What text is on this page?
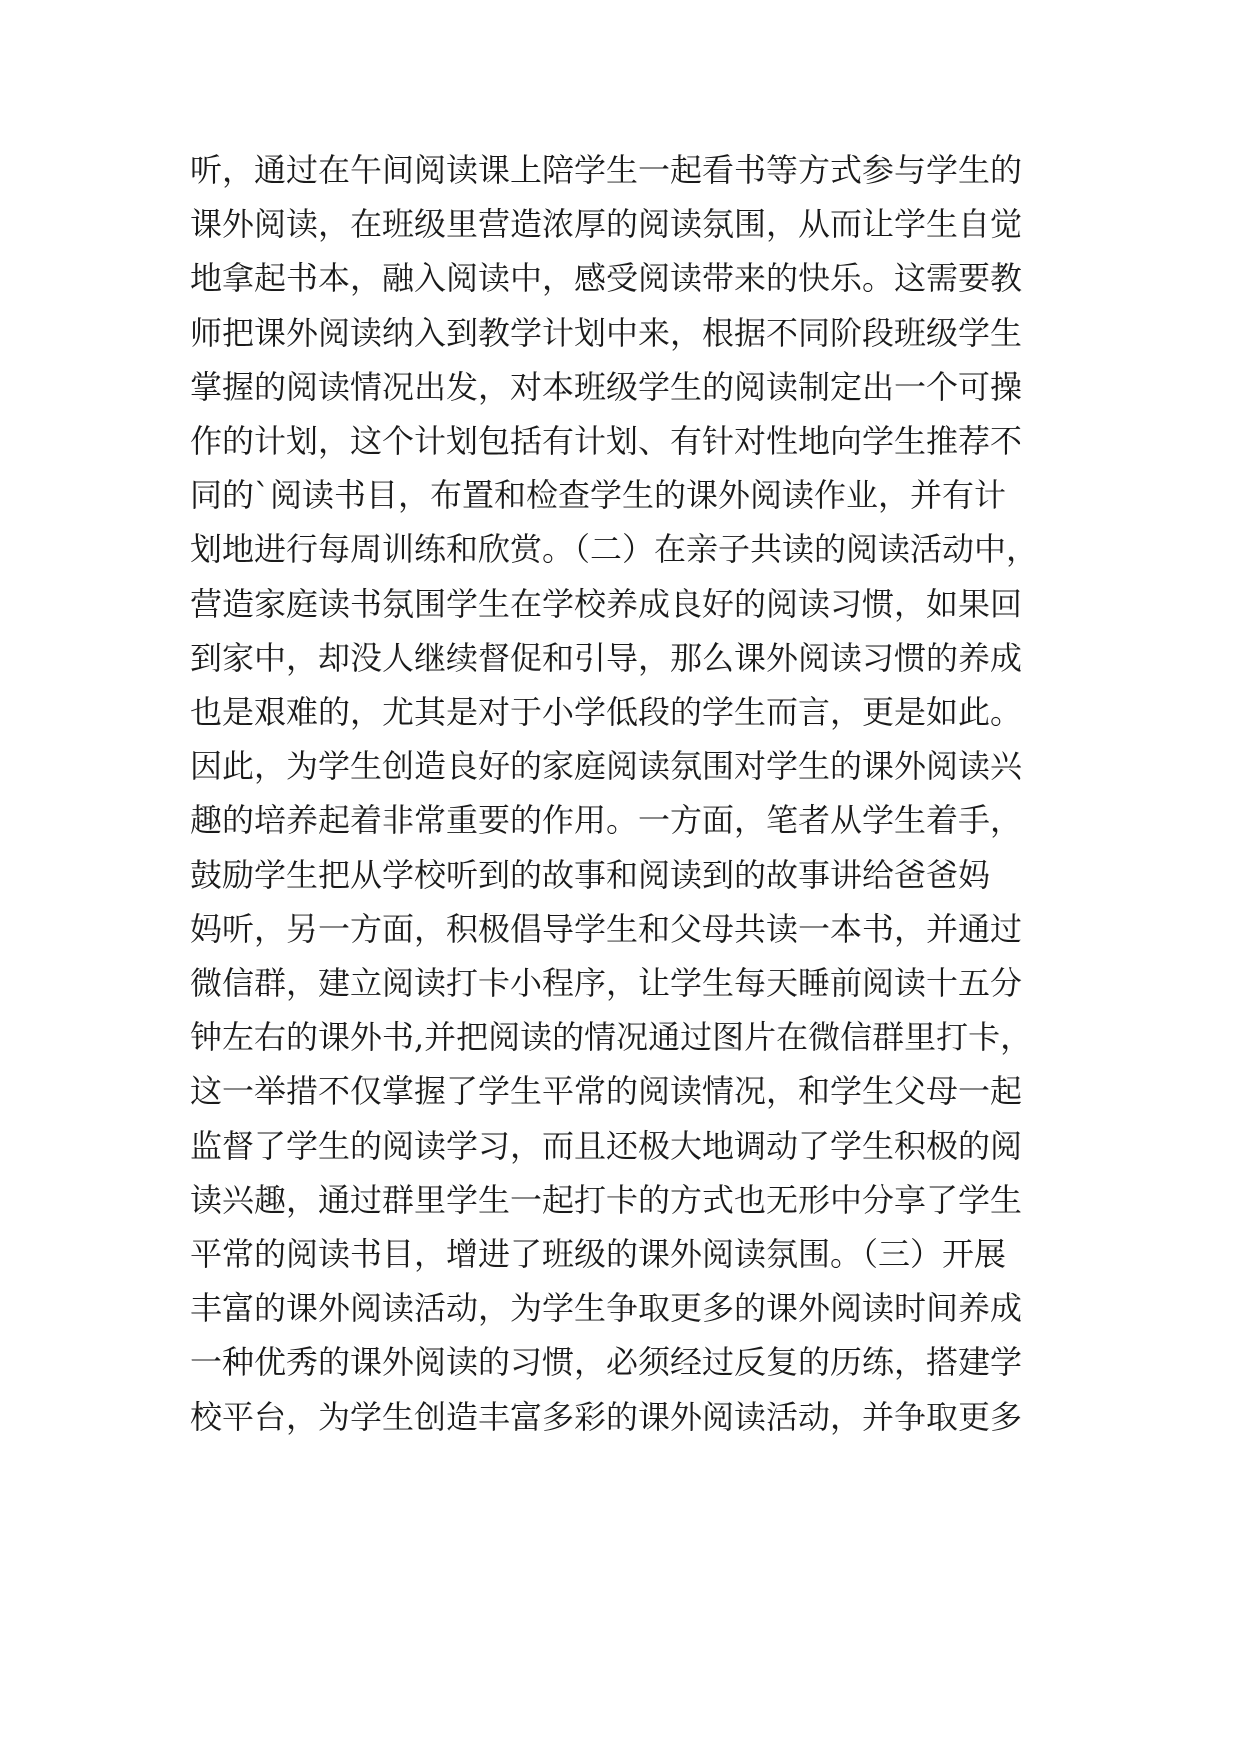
听，通过在午间阅读课上陪学生一起看书等方式参与学生的
课外阅读，在班级里营造浓厚的阅读氛围，从而让学生自觉
地拿起书本，融入阅读中，感受阅读带来的快乐。这需要教
师把课外阅读纳入到教学计划中来，根据不同阶段班级学生
掌握的阅读情况出发，对本班级学生的阅读制定出一个可操
作的计划，这个计划包括有计划、有针对性地向学生推荐不
同的`阅读书目，布置和检查学生的课外阅读作业，并有计
划地进行每周训练和欣赏。（二）在亲子共读的阅读活动中，
营造家庭读书氛围学生在学校养成良好的阅读习惯，如果回
到家中，却没人继续督促和引导，那么课外阅读习惯的养成
也是艰难的，尤其是对于小学低段的学生而言，更是如此。
因此，为学生创造良好的家庭阅读氛围对学生的课外阅读兴
趣的培养起着非常重要的作用。一方面，笔者从学生着手，
鼓励学生把从学校听到的故事和阅读到的故事讲给爸爸妈
妈听，另一方面，积极倡导学生和父母共读一本书，并通过
微信群，建立阅读打卡小程序，让学生每天睡前阅读十五分
钟左右的课外书,并把阅读的情况通过图片在微信群里打卡，
这一举措不仅掌握了学生平常的阅读情况，和学生父母一起
监督了学生的阅读学习，而且还极大地调动了学生积极的阅
读兴趣，通过群里学生一起打卡的方式也无形中分享了学生
平常的阅读书目，增进了班级的课外阅读氛围。（三）开展
丰富的课外阅读活动，为学生争取更多的课外阅读时间养成
一种优秀的课外阅读的习惯，必须经过反复的历练，搭建学
校平台，为学生创造丰富多彩的课外阅读活动，并争取更多
